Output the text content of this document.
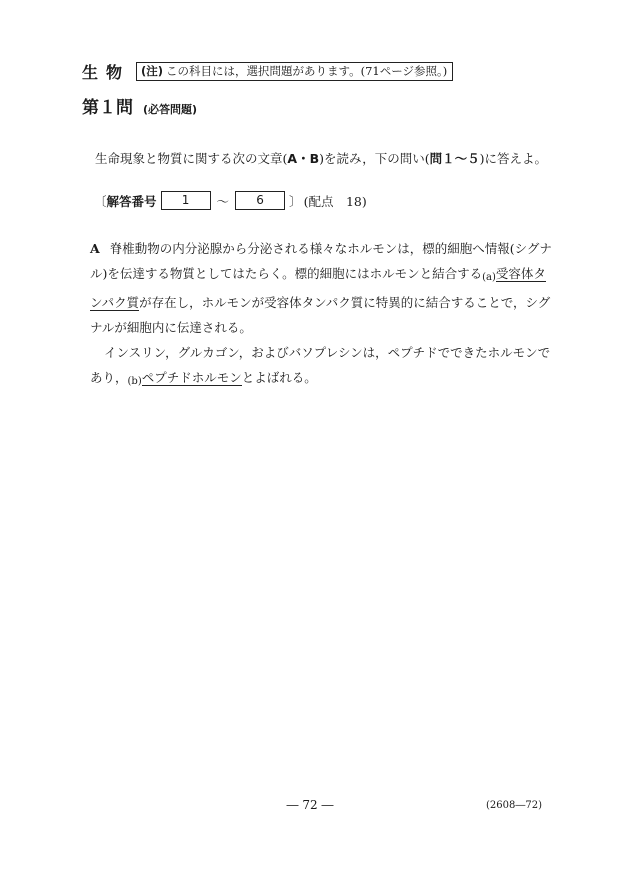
生物 (注) この科目には，選択問題があります。(71ページ参照。)
第１問 (必答問題)

生命現象と物質に関する次の文章(A・B)を読み，下の問い(問１～５)に答えよ。

〔 解答番号	1	～	6	〕 (配点　18)

A 脊椎動物の内分泌腺から分泌される様々なホルモンは，標的細胞へ情報(シグナル)を伝達する物質としてはたらく。標的細胞にはホルモンと結合する$_{(a)}$受容体タンパク質が存在し，ホルモンが受容体タンパク質に特異的に結合することで，シグナルが細胞内に伝達される。

インスリン，グルカゴン，およびバソプレシンは，ペプチドでできたホルモンであり，$_{(b)}$ペプチドホルモンとよばれる。

― 72 ―	(2608―72)
